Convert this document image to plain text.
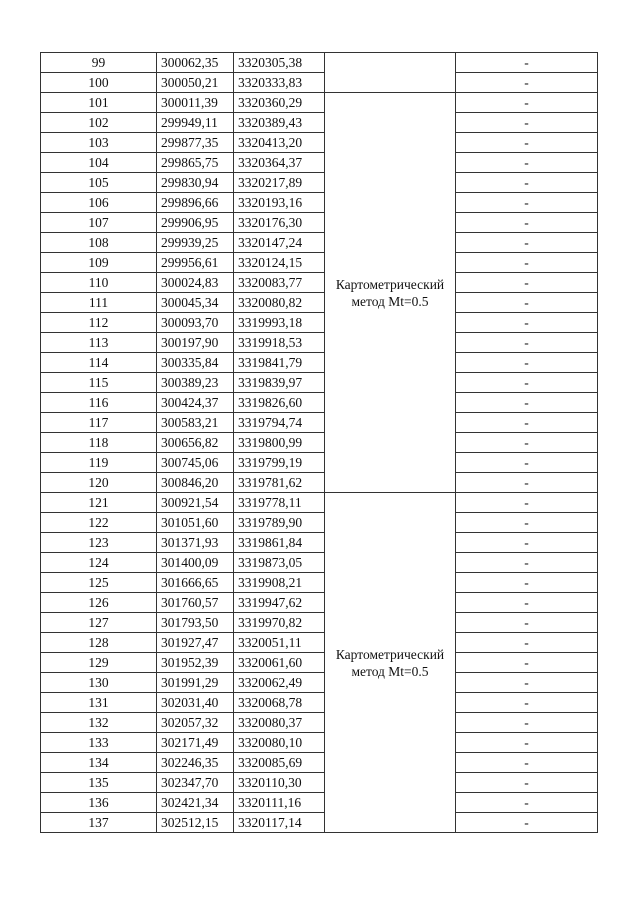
99	300062,35	3320305,38		-
100	300050,21	3320333,83		-
101	300011,39	3320360,29	Картометрический метод Mt=0.5	-
102	299949,11	3320389,43		-
103	299877,35	3320413,20		-
104	299865,75	3320364,37		-
105	299830,94	3320217,89		-
106	299896,66	3320193,16		-
107	299906,95	3320176,30		-
108	299939,25	3320147,24		-
109	299956,61	3320124,15		-
110	300024,83	3320083,77		-
111	300045,34	3320080,82		-
112	300093,70	3319993,18		-
113	300197,90	3319918,53		-
114	300335,84	3319841,79		-
115	300389,23	3319839,97		-
116	300424,37	3319826,60		-
117	300583,21	3319794,74		-
118	300656,82	3319800,99		-
119	300745,06	3319799,19		-
120	300846,20	3319781,62		-
121	300921,54	3319778,11	Картометрический метод Mt=0.5	-
122	301051,60	3319789,90		-
123	301371,93	3319861,84		-
124	301400,09	3319873,05		-
125	301666,65	3319908,21		-
126	301760,57	3319947,62		-
127	301793,50	3319970,82		-
128	301927,47	3320051,11		-
129	301952,39	3320061,60		-
130	301991,29	3320062,49		-
131	302031,40	3320068,78		-
132	302057,32	3320080,37		-
133	302171,49	3320080,10		-
134	302246,35	3320085,69		-
135	302347,70	3320110,30		-
136	302421,34	3320111,16		-
137	302512,15	3320117,14		-
